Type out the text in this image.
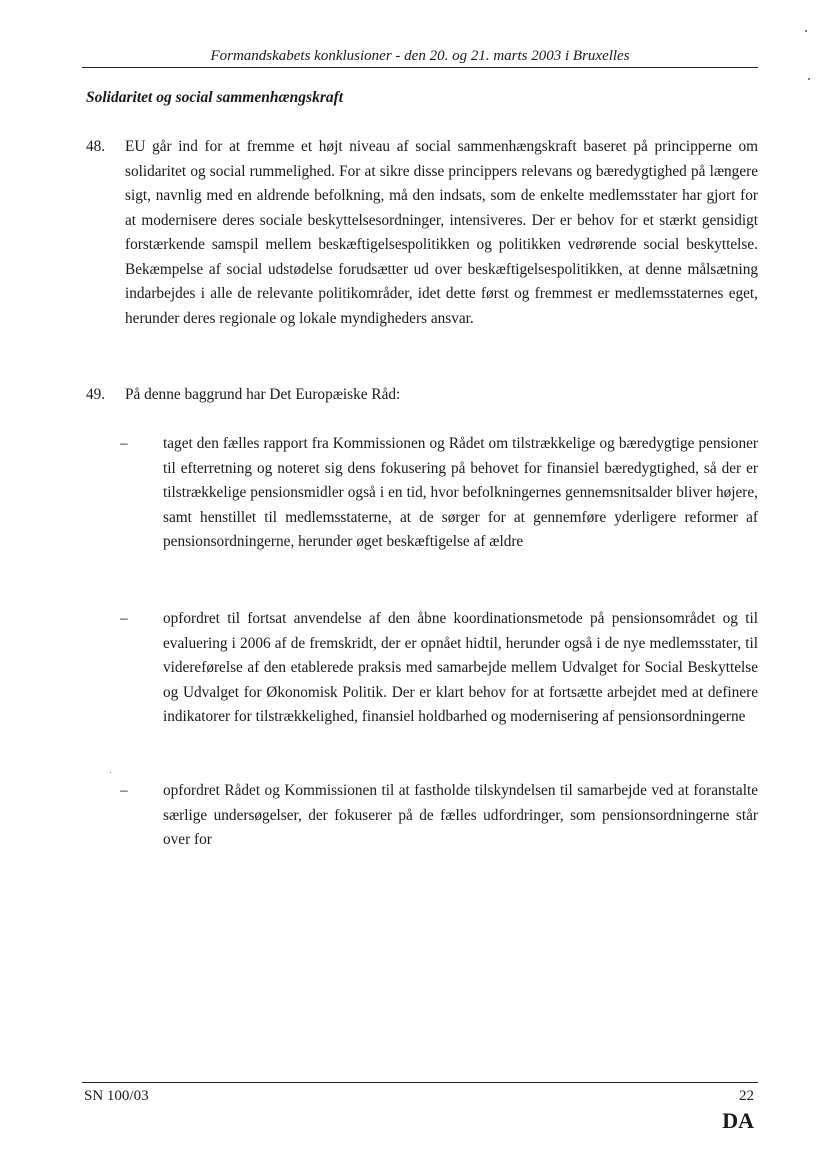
Formandskabets konklusioner - den 20. og 21. marts 2003 i Bruxelles
Solidaritet og social sammenhængskraft
48. EU går ind for at fremme et højt niveau af social sammenhængskraft baseret på principperne om solidaritet og social rummelighed. For at sikre disse princippers relevans og bæredygtighed på længere sigt, navnlig med en aldrende befolkning, må den indsats, som de enkelte medlemsstater har gjort for at modernisere deres sociale beskyttelsesordninger, intensiveres. Der er behov for et stærkt gensidigt forstærkende samspil mellem beskæftigelsespolitikken og politikken vedrørende social beskyttelse. Bekæmpelse af social udstødelse forudsætter ud over beskæftigelsespolitikken, at denne målsætning indarbejdes i alle de relevante politikområder, idet dette først og fremmest er medlemsstaternes eget, herunder deres regionale og lokale myndigheders ansvar.
49. På denne baggrund har Det Europæiske Råd:
– taget den fælles rapport fra Kommissionen og Rådet om tilstrækkelige og bæredygtige pensioner til efterretning og noteret sig dens fokusering på behovet for finansiel bæredygtighed, så der er tilstrækkelige pensionsmidler også i en tid, hvor befolkningernes gennemsnitsalder bliver højere, samt henstillet til medlemsstaterne, at de sørger for at gennemføre yderligere reformer af pensionsordningerne, herunder øget beskæftigelse af ældre
– opfordret til fortsat anvendelse af den åbne koordinationsmetode på pensionsområdet og til evaluering i 2006 af de fremskridt, der er opnået hidtil, herunder også i de nye medlemsstater, til videreførelse af den etablerede praksis med samarbejde mellem Udvalget for Social Beskyttelse og Udvalget for Økonomisk Politik. Der er klart behov for at fortsætte arbejdet med at definere indikatorer for tilstrækkelighed, finansiel holdbarhed og modernisering af pensionsordningerne
– opfordret Rådet og Kommissionen til at fastholde tilskyndelsen til samarbejde ved at foranstalte særlige undersøgelser, der fokuserer på de fælles udfordringer, som pensionsordningerne står over for
SN 100/03	22
DA
